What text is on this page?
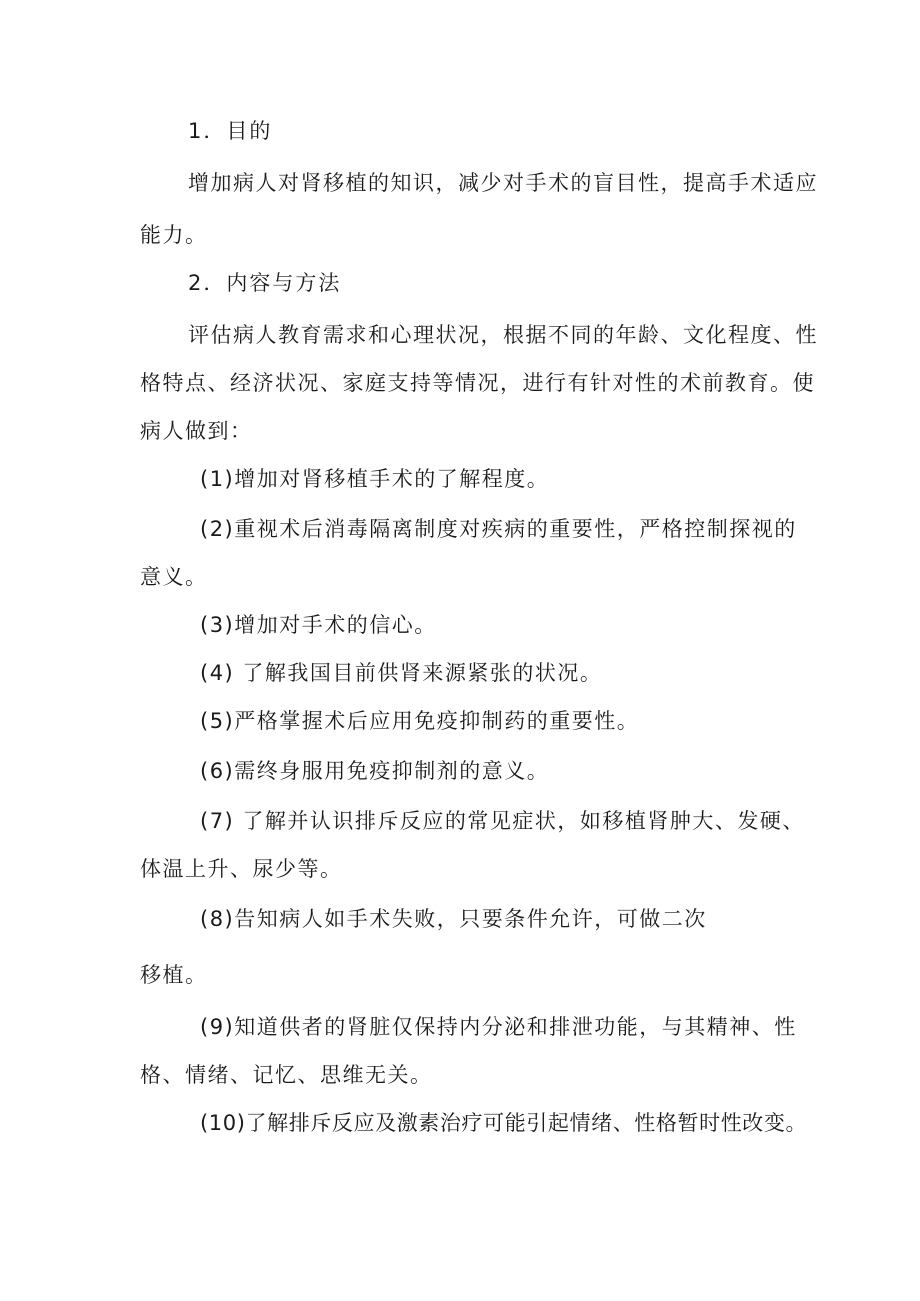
1．目的
增加病人对肾移植的知识，减少对手术的盲目性，提高手术适应
能力。
2．内容与方法
评估病人教育需求和心理状况，根据不同的年龄、文化程度、性
格特点、经济状况、家庭支持等情况，进行有针对性的术前教育。使
病人做到：
(1)增加对肾移植手术的了解程度。
(2)重视术后消毒隔离制度对疾病的重要性，严格控制探视的
意义。
(3)增加对手术的信心。
(4) 了解我国目前供肾来源紧张的状况。
(5)严格掌握术后应用免疫抑制药的重要性。
(6)需终身服用免疫抑制剂的意义。
(7) 了解并认识排斥反应的常见症状，如移植肾肿大、发硬、
体温上升、尿少等。
(8)告知病人如手术失败，只要条件允许，可做二次
移植。
(9)知道供者的肾脏仅保持内分泌和排泄功能，与其精神、性
格、情绪、记忆、思维无关。
(10)了解排斥反应及激素治疗可能引起情绪、性格暂时性改变。
